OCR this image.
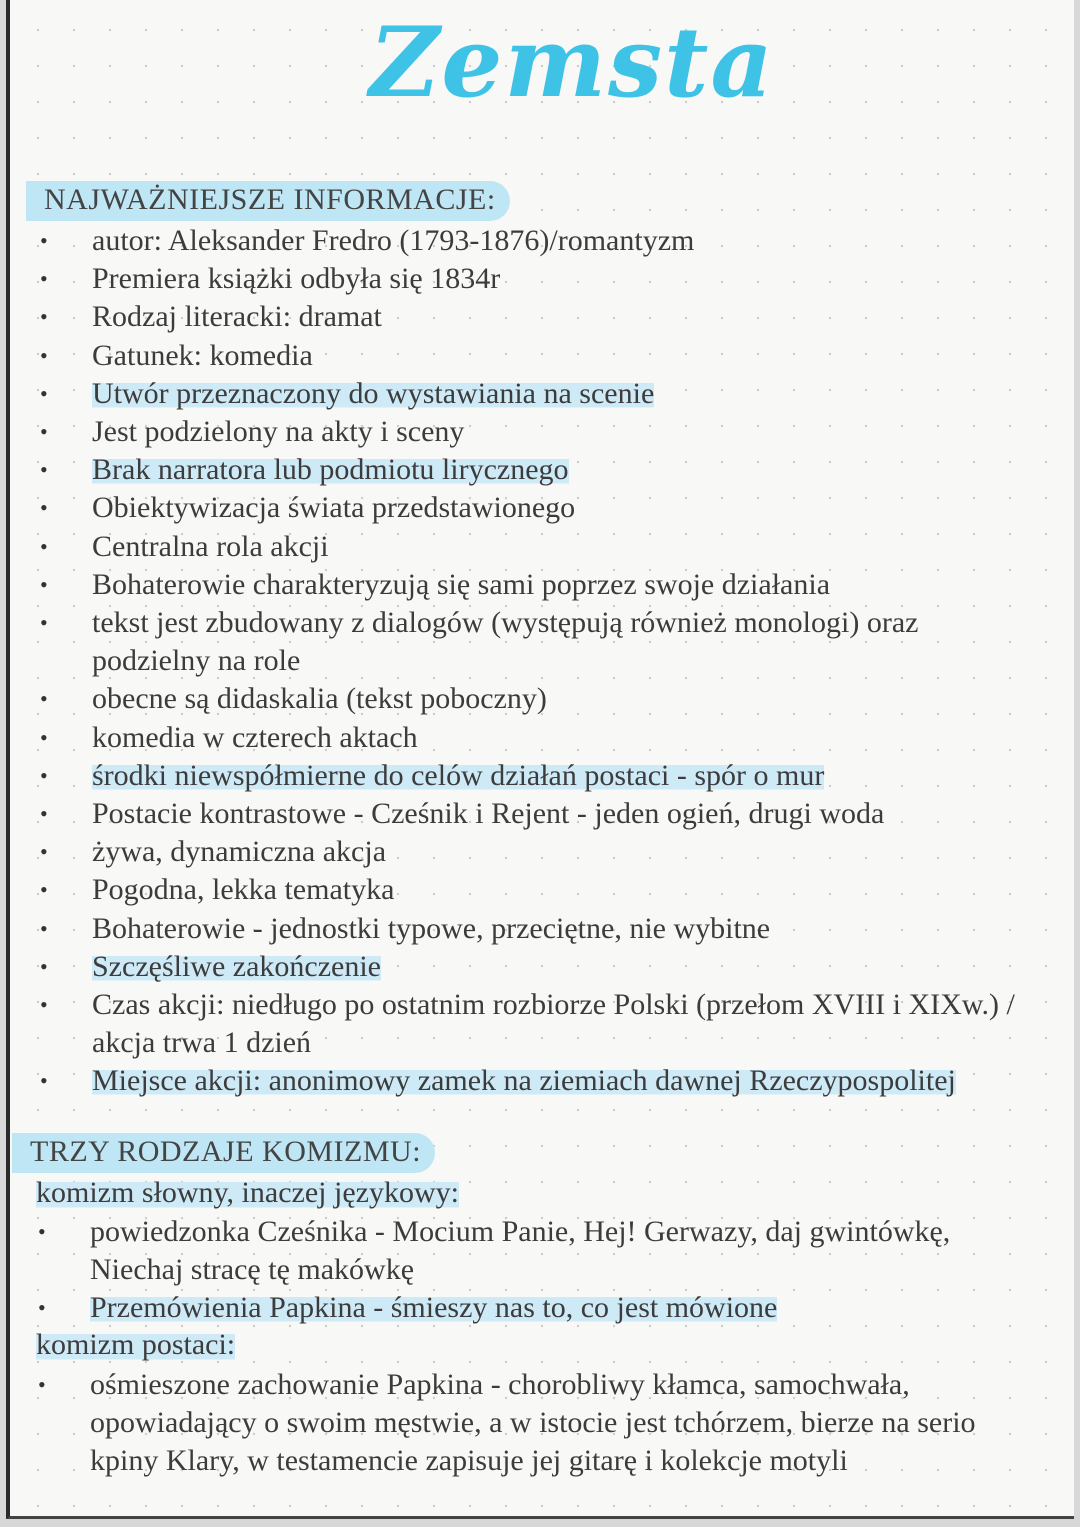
Zemsta
NAJWAŻNIEJSZE INFORMACJE:
• autor: Aleksander Fredro (1793-1876)/romantyzm
• Premiera książki odbyła się 1834r
• Rodzaj literacki: dramat
• Gatunek: komedia
• Utwór przeznaczony do wystawiania na scenie
• Jest podzielony na akty i sceny
• Brak narratora lub podmiotu lirycznego
• Obiektywizacja świata przedstawionego
• Centralna rola akcji
• Bohaterowie charakteryzują się sami poprzez swoje działania
• tekst jest zbudowany z dialogów (występują również monologi) oraz podzielny na role
• obecne są didaskalia (tekst poboczny)
• komedia w czterech aktach
• środki niewspółmierne do celów działań postaci - spór o mur
• Postacie kontrastowe - Cześnik i Rejent - jeden ogień, drugi woda
• żywa, dynamiczna akcja
• Pogodna, lekka tematyka
• Bohaterowie - jednostki typowe, przeciętne, nie wybitne
• Szczęśliwe zakończenie
• Czas akcji: niedługo po ostatnim rozbiorze Polski (przełom XVIII i XIXw.) / akcja trwa 1 dzień
• Miejsce akcji: anonimowy zamek na ziemiach dawnej Rzeczypospolitej
TRZY RODZAJE KOMIZMU:
komizm słowny, inaczej językowy:
• powiedzonka Cześnika - Mocium Panie, Hej! Gerwazy, daj gwintówkę, Niechaj stracę tę makówkę
• Przemówienia Papkina - śmieszy nas to, co jest mówione
komizm postaci:
• ośmieszone zachowanie Papkina - chorobliwy kłamca, samochwała, opowiadający o swoim męstwie, a w istocie jest tchórzem, bierze na serio kpiny Klary, w testamencie zapisuje jej gitarę i kolekcje motyli
